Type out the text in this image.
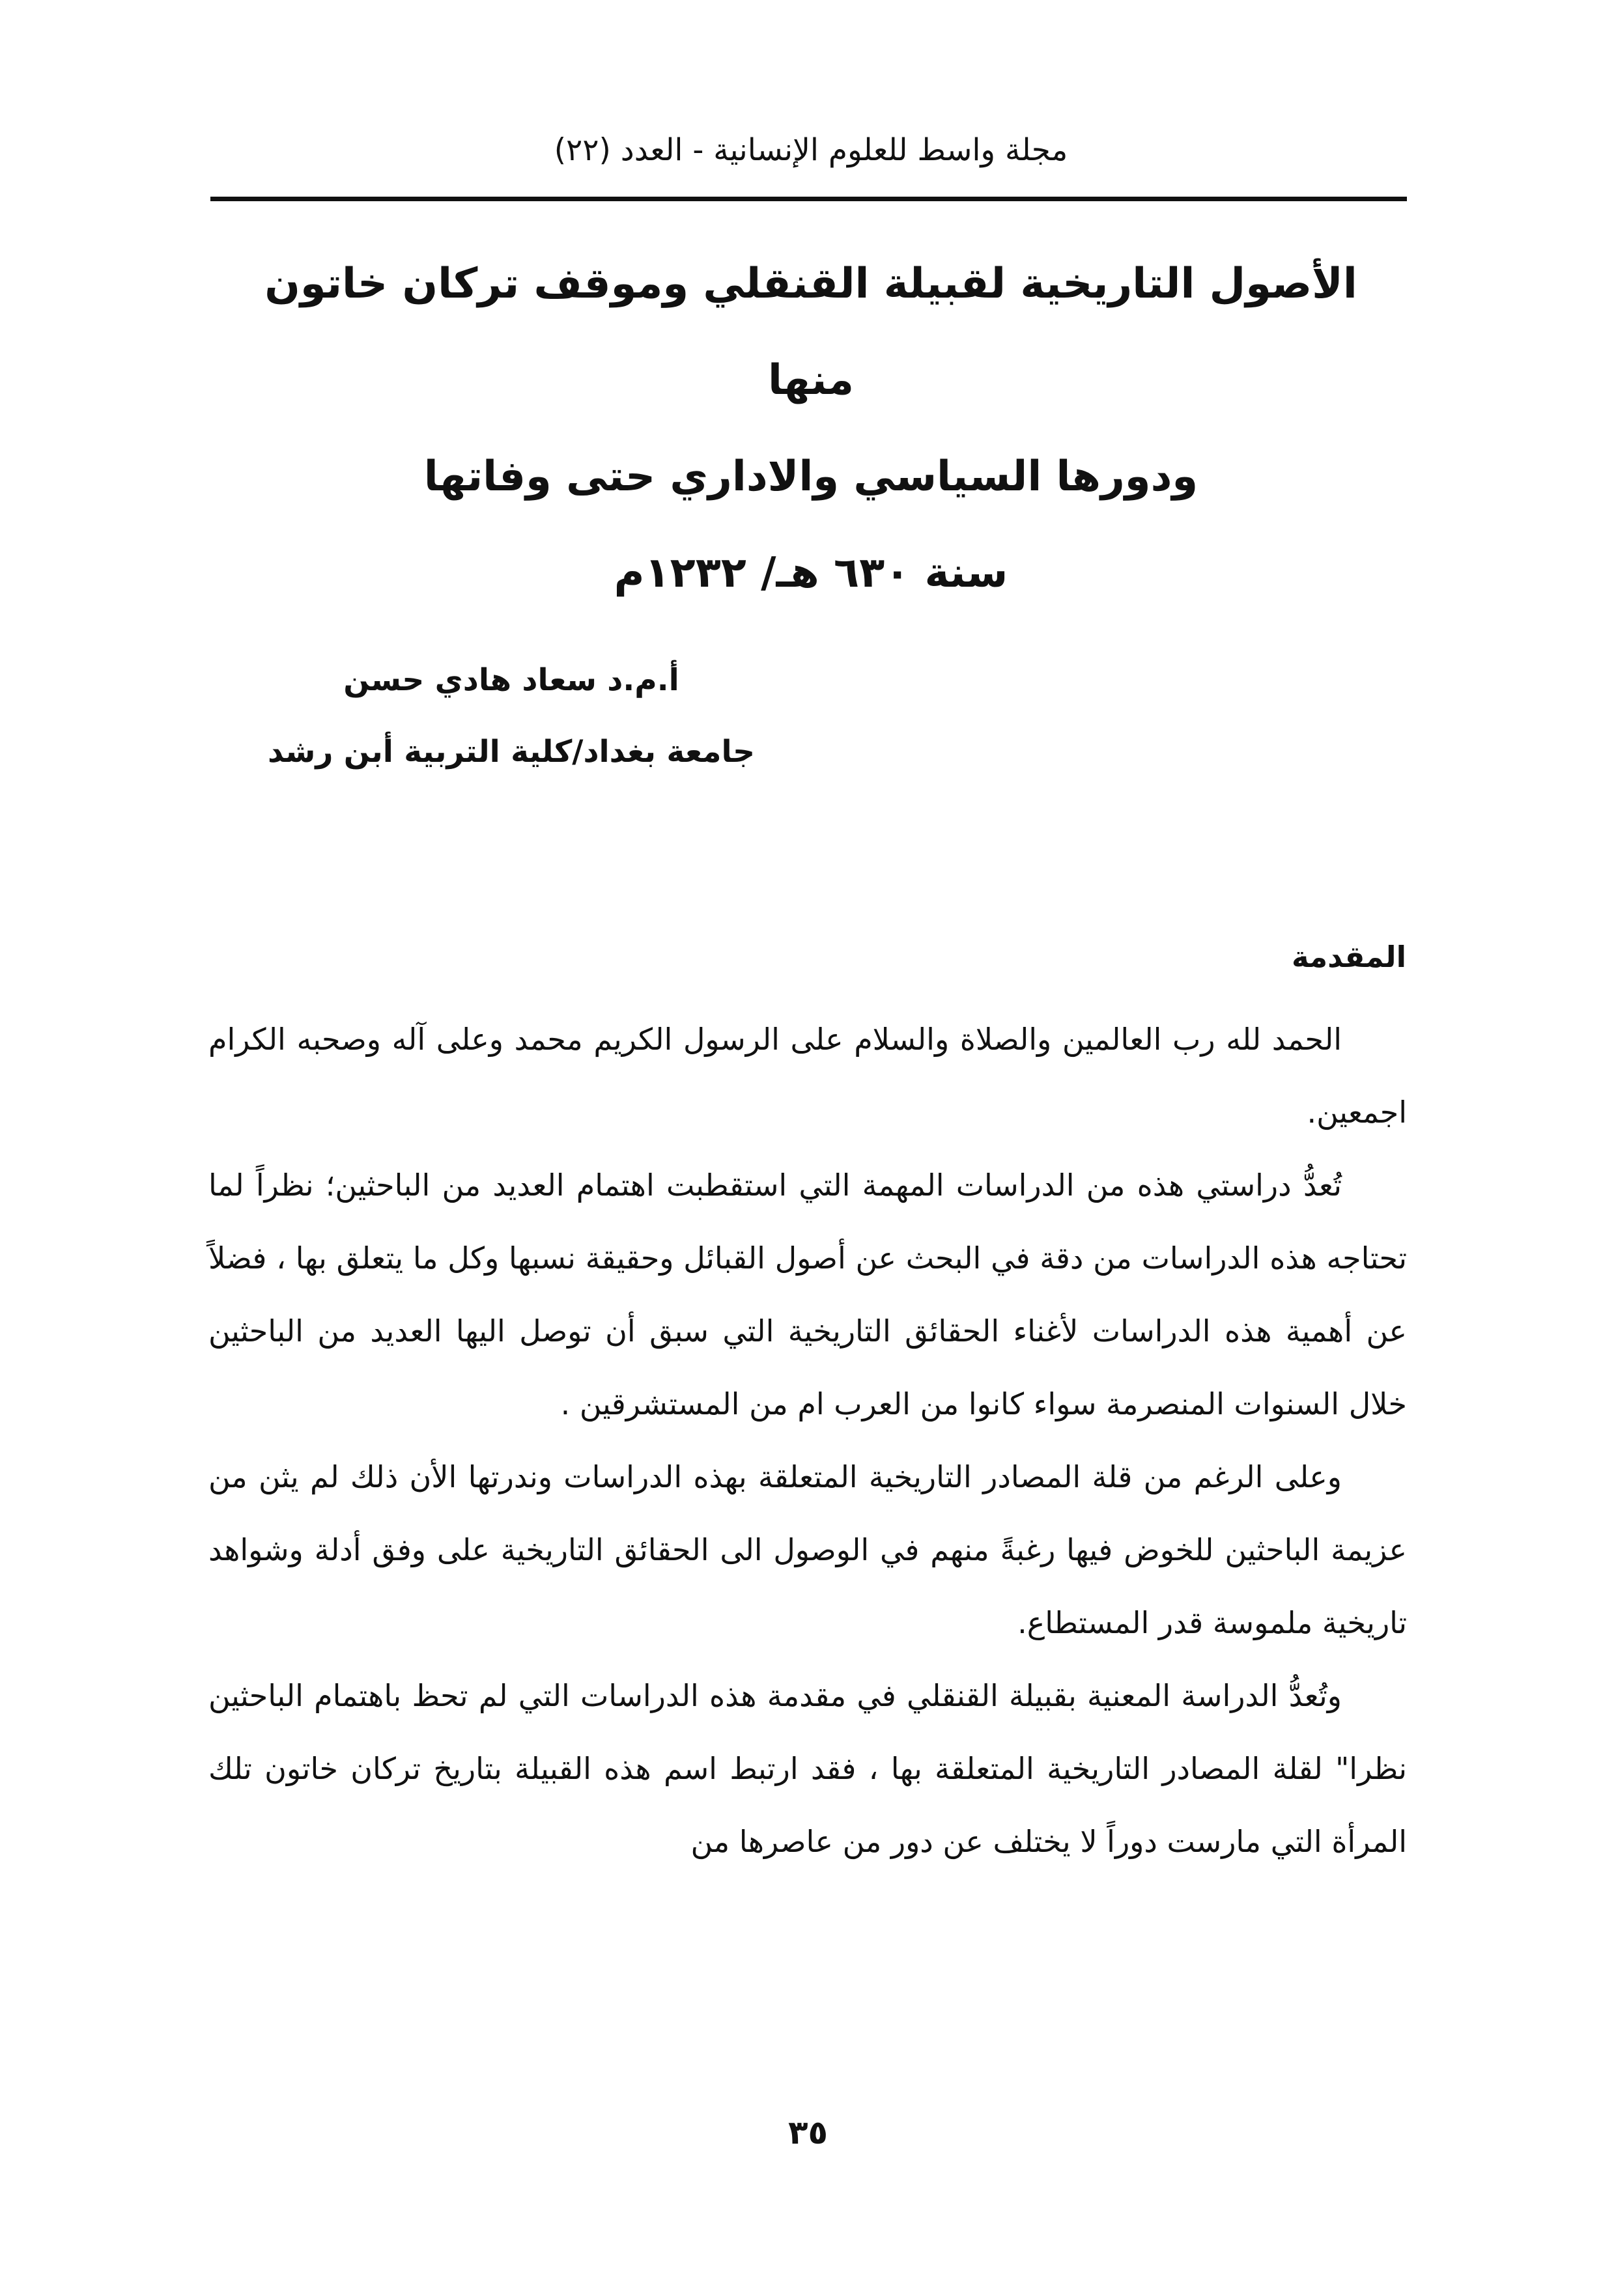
مجلة واسط للعلوم الإنسانية - العدد (٢٢)
الأصول التاريخية لقبيلة القنقلي وموقف تركان خاتون منها
ودورها السياسي والاداري حتى وفاتها
سنة ٦٣٠ هـ/ ١٢٣٢م
أ.م.د سعاد هادي حسن
جامعة بغداد/كلية التربية أبن رشد
المقدمة

الحمد لله رب العالمين والصلاة والسلام على الرسول الكريم محمد وعلى آله وصحبه الكرام اجمعين.

تُعدُّ دراستي هذه من الدراسات المهمة التي استقطبت اهتمام العديد من الباحثين؛ نظراً لما تحتاجه هذه الدراسات من دقة في البحث عن أصول القبائل وحقيقة نسبها وكل ما يتعلق بها ، فضلاً عن أهمية هذه الدراسات لأغناء الحقائق التاريخية التي سبق أن توصل اليها العديد من الباحثين خلال السنوات المنصرمة سواء كانوا من العرب ام من المستشرقين .

وعلى الرغم من قلة المصادر التاريخية المتعلقة بهذه الدراسات وندرتها الأن ذلك لم يثن من عزيمة الباحثين للخوض فيها رغبةً منهم في الوصول الى الحقائق التاريخية على وفق أدلة وشواهد تاريخية ملموسة قدر المستطاع.

وتُعدُّ الدراسة المعنية بقبيلة القنقلي في مقدمة هذه الدراسات التي لم تحظ باهتمام الباحثين نظرا" لقلة المصادر التاريخية المتعلقة بها ، فقد ارتبط اسم هذه القبيلة بتاريخ تركان خاتون تلك المرأة التي مارست دوراً لا يختلف عن دور من عاصرها من

٣٥
